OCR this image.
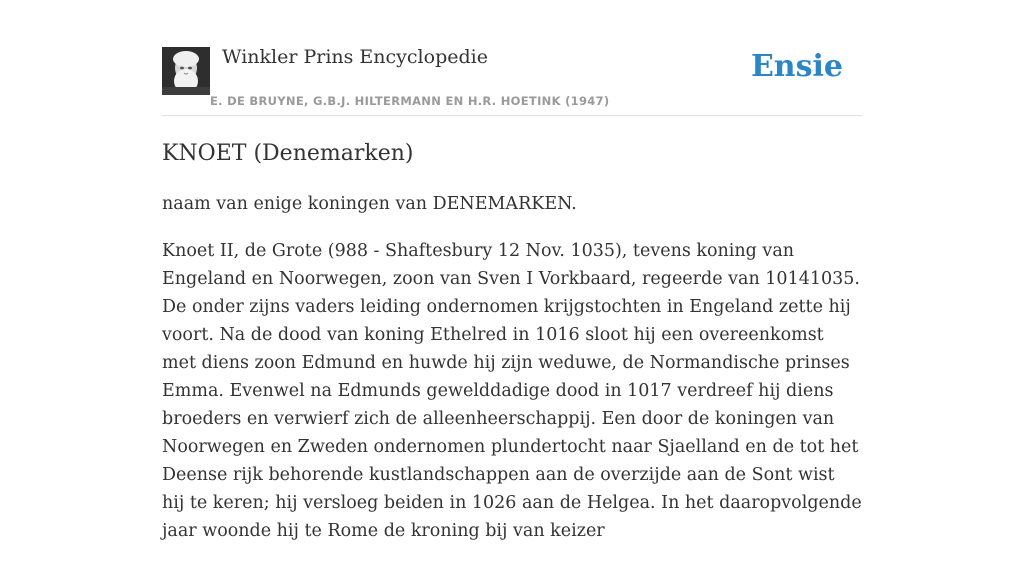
Winkler Prins Encyclopedie
E. DE BRUYNE, G.B.J. HILTERMANN EN H.R. HOETINK (1947)
Ensie
KNOET (Denemarken)

naam van enige koningen van DENEMARKEN.

Knoet II, de Grote (988 - Shaftesbury 12 Nov. 1035), tevens koning van Engeland en Noorwegen, zoon van Sven I Vorkbaard, regeerde van 10141035. De onder zijns vaders leiding ondernomen krijgstochten in Engeland zette hij voort. Na de dood van koning Ethelred in 1016 sloot hij een overeenkomst met diens zoon Edmund en huwde hij zijn weduwe, de Normandische prinses Emma. Evenwel na Edmunds gewelddadige dood in 1017 verdreef hij diens broeders en verwierf zich de alleenheerschappij. Een door de koningen van Noorwegen en Zweden ondernomen plundertocht naar Sjaelland en de tot het Deense rijk behorende kustlandschappen aan de overzijde aan de Sont wist hij te keren; hij versloeg beiden in 1026 aan de Helgea. In het daaropvolgende jaar woonde hij te Rome de kroning bij van keizer
